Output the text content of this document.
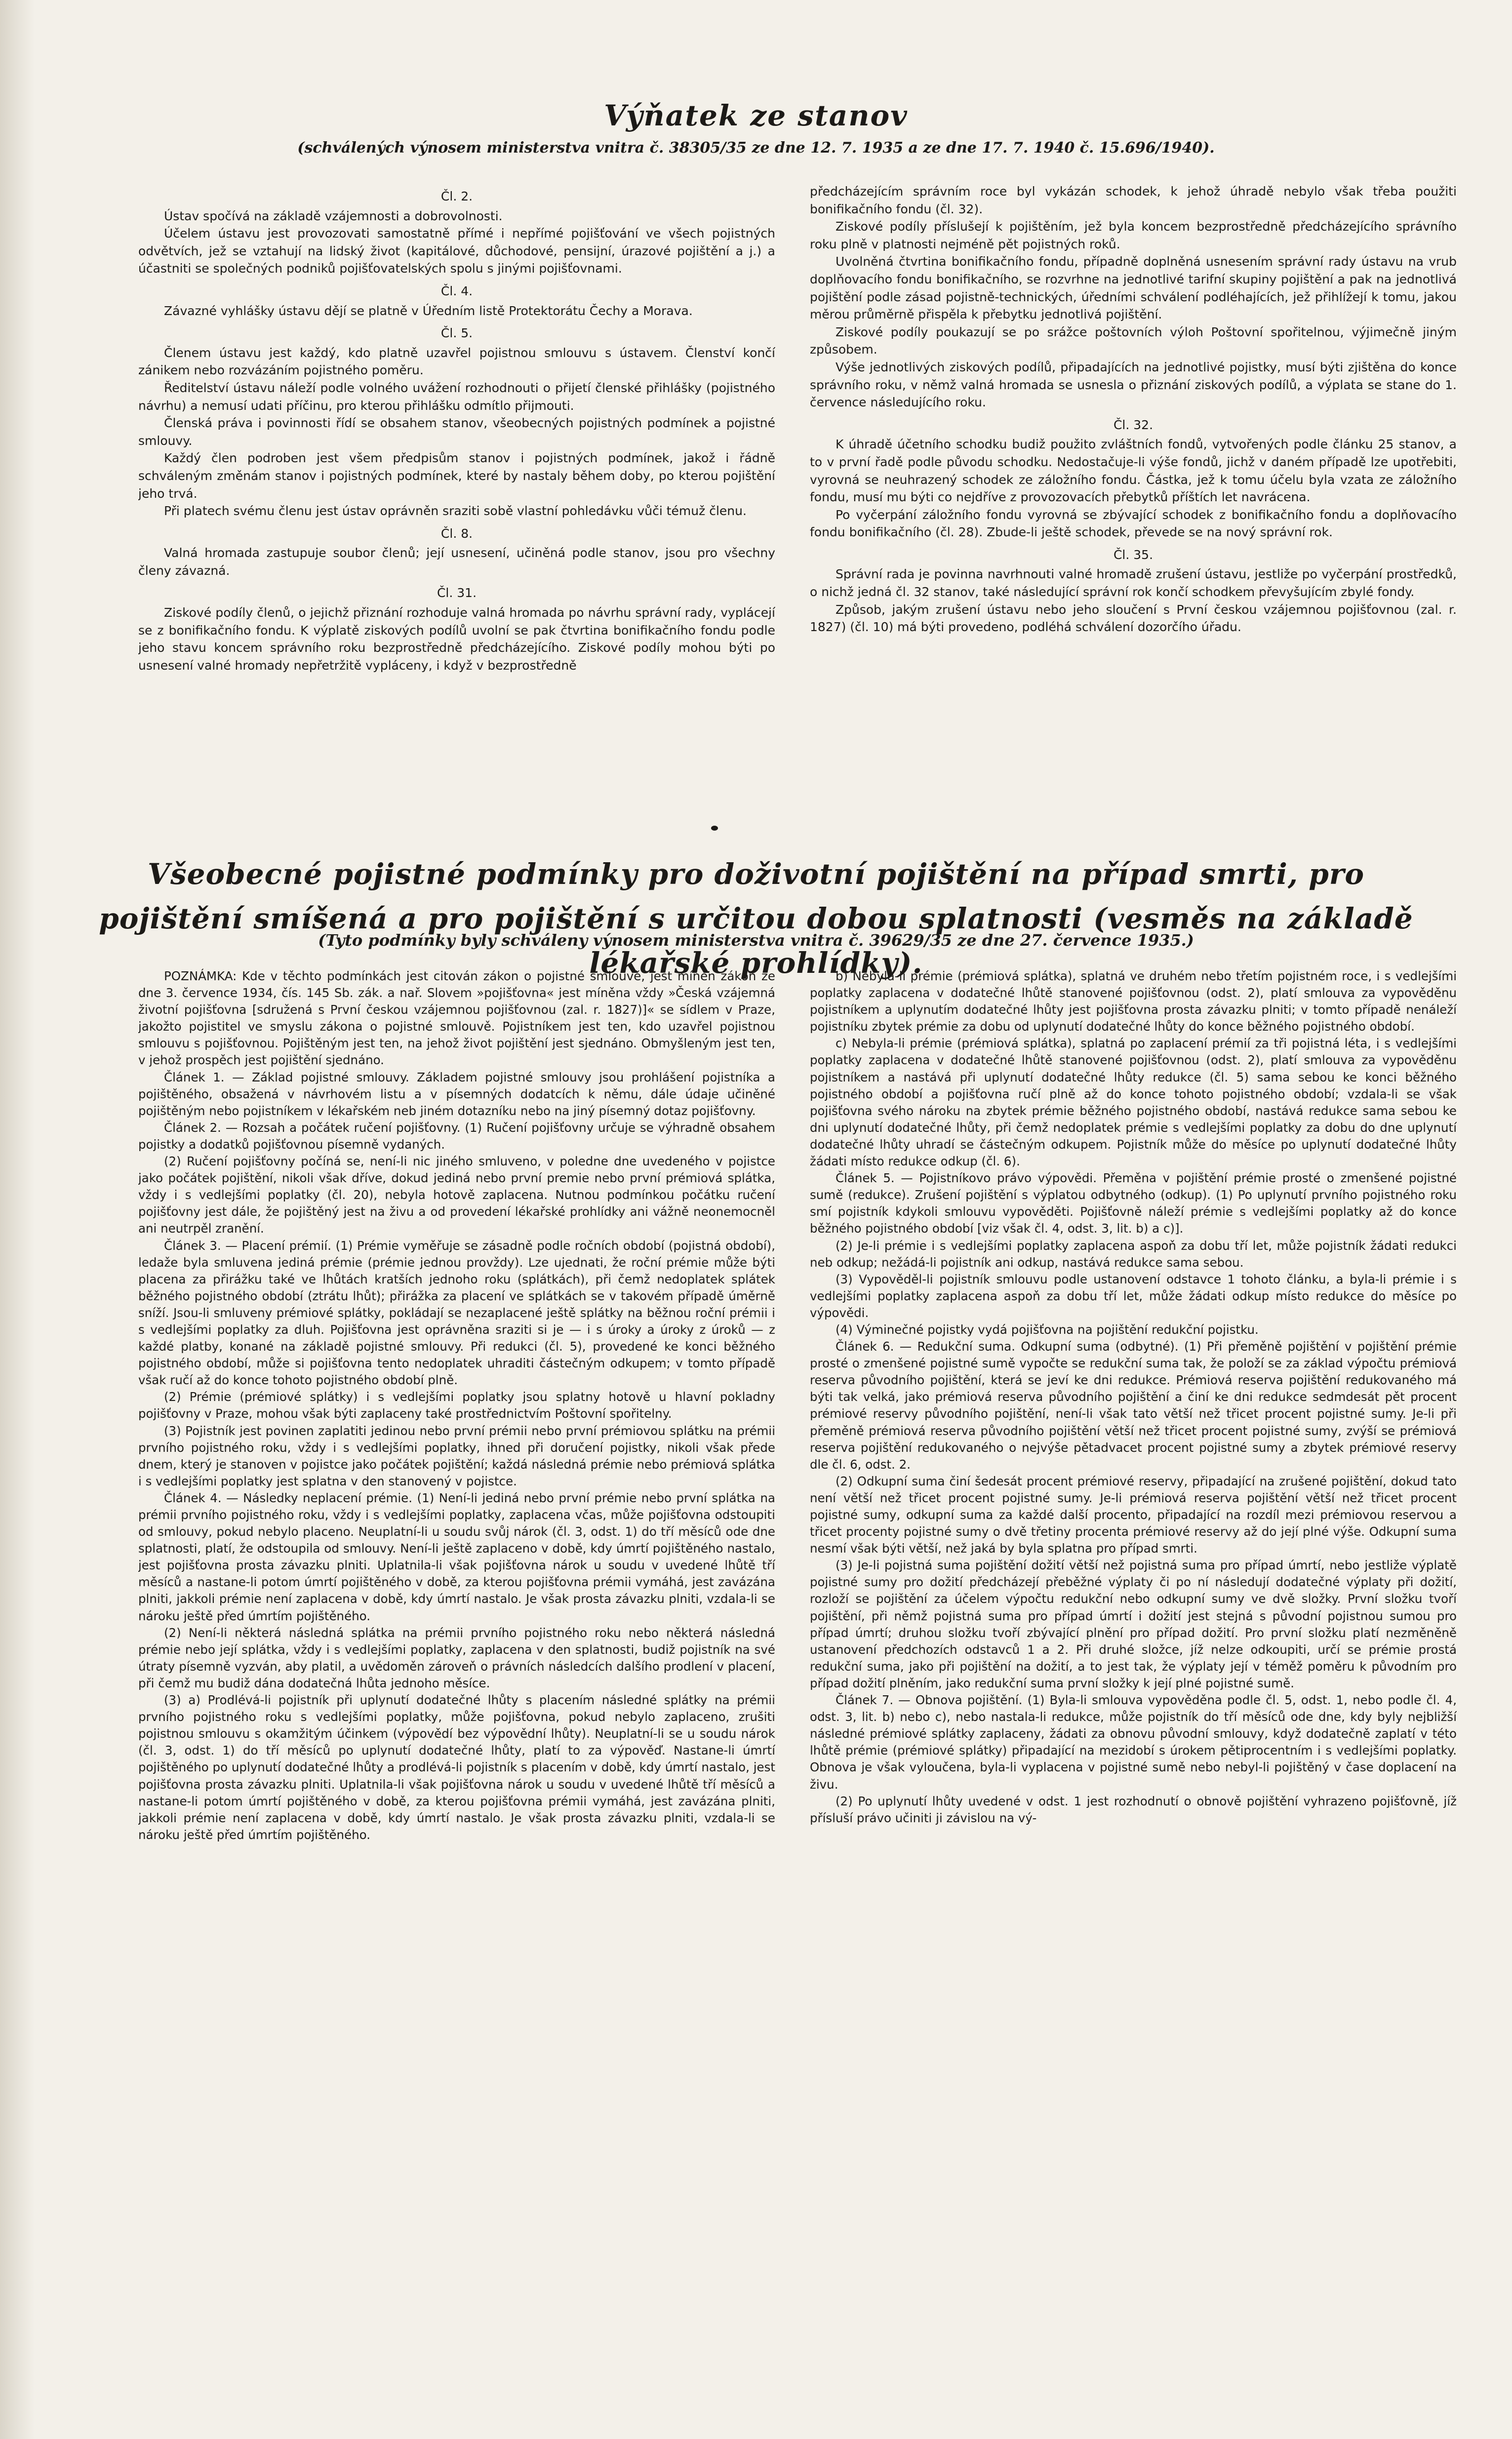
Výňatek ze stanov
(schválených výnosem ministerstva vnitra č. 38305/35 ze dne 12. 7. 1935 a ze dne 17. 7. 1940 č. 15.696/1940).

Čl. 2.

Ústav spočívá na základě vzájemnosti a dobrovolnosti.

Účelem ústavu jest provozovati samostatně přímé i nepřímé pojišťování ve všech pojistných odvětvích, jež se vztahují na lidský život (kapitálové, důchodové, pensijní, úrazové pojištění a j.) a účastniti se společných podniků pojišťovatelských spolu s jinými pojišťovnami.

Čl. 4.

Závazné vyhlášky ústavu dějí se platně v Úředním listě Protektorátu Čechy a Morava.

Čl. 5.

Členem ústavu jest každý, kdo platně uzavřel pojistnou smlouvu s ústavem. Členství končí zánikem nebo rozvázáním pojistného poměru.

Ředitelství ústavu náleží podle volného uvážení rozhodnouti o přijetí členské přihlášky (pojistného návrhu) a nemusí udati příčinu, pro kterou přihlášku odmítlo přijmouti.

Členská práva i povinnosti řídí se obsahem stanov, všeobecných pojistných podmínek a pojistné smlouvy.

Každý člen podroben jest všem předpisům stanov i pojistných podmínek, jakož i řádně schváleným změnám stanov i pojistných podmínek, které by nastaly během doby, po kterou pojištění jeho trvá.

Při platech svému členu jest ústav oprávněn sraziti sobě vlastní pohledávku vůči témuž členu.

Čl. 8.

Valná hromada zastupuje soubor členů; její usnesení, učiněná podle stanov, jsou pro všechny členy závazná.

Čl. 31.

Ziskové podíly členů, o jejichž přiznání rozhoduje valná hromada po návrhu správní rady, vyplácejí se z bonifikačního fondu. K výplatě ziskových podílů uvolní se pak čtvrtina bonifikačního fondu podle jeho stavu koncem správního roku bezprostředně předcházejícího. Ziskové podíly mohou býti po usnesení valné hromady nepřetržitě vypláceny, i když v bezprostředně

předcházejícím správním roce byl vykázán schodek, k jehož úhradě nebylo však třeba použiti bonifikačního fondu (čl. 32).

Ziskové podíly příslušejí k pojištěním, jež byla koncem bezprostředně předcházejícího správního roku plně v platnosti nejméně pět pojistných roků.

Uvolněná čtvrtina bonifikačního fondu, případně doplněná usnesením správní rady ústavu na vrub doplňovacího fondu bonifikačního, se rozvrhne na jednotlivé tarifní skupiny pojištění a pak na jednotlivá pojištění podle zásad pojistně-technických, úředními schválení podléhajících, jež přihlížejí k tomu, jakou měrou průměrně přispěla k přebytku jednotlivá pojištění.

Ziskové podíly poukazují se po srážce poštovních výloh Poštovní spořitelnou, výjimečně jiným způsobem.

Výše jednotlivých ziskových podílů, připadajících na jednotlivé pojistky, musí býti zjištěna do konce správního roku, v němž valná hromada se usnesla o přiznání ziskových podílů, a výplata se stane do 1. července následujícího roku.

Čl. 32.

K úhradě účetního schodku budiž použito zvláštních fondů, vytvořených podle článku 25 stanov, a to v první řadě podle původu schodku. Nedostačuje-li výše fondů, jichž v daném případě lze upotřebiti, vyrovná se neuhrazený schodek ze záložního fondu. Částka, jež k tomu účelu byla vzata ze záložního fondu, musí mu býti co nejdříve z provozovacích přebytků příštích let navrácena.

Po vyčerpání záložního fondu vyrovná se zbývající schodek z bonifikačního fondu a doplňovacího fondu bonifikačního (čl. 28). Zbude-li ještě schodek, převede se na nový správní rok.

Čl. 35.

Správní rada je povinna navrhnouti valné hromadě zrušení ústavu, jestliže po vyčerpání prostředků, o nichž jedná čl. 32 stanov, také následující správní rok končí schodkem převyšujícím zbylé fondy.

Způsob, jakým zrušení ústavu nebo jeho sloučení s První českou vzájemnou pojišťovnou (zal. r. 1827) (čl. 10) má býti provedeno, podléhá schválení dozorčího úřadu.

Všeobecné pojistné podmínky pro doživotní pojištění na případ smrti, pro pojištění smíšená a pro pojištění s určitou dobou splatnosti (vesměs na základě lékařské prohlídky).
(Tyto podmínky byly schváleny výnosem ministerstva vnitra č. 39629/35 ze dne 27. července 1935.)

POZNÁMKA: Kde v těchto podmínkách jest citován zákon o pojistné smlouvě, jest míněn zákon ze dne 3. července 1934, čís. 145 Sb. zák. a nař. Slovem »pojišťovna« jest míněna vždy »Česká vzájemná životní pojišťovna [sdružená s První českou vzájemnou pojišťovnou (zal. r. 1827)]« se sídlem v Praze, jakožto pojistitel ve smyslu zákona o pojistné smlouvě. Pojistníkem jest ten, kdo uzavřel pojistnou smlouvu s pojišťovnou. Pojištěným jest ten, na jehož život pojištění jest sjednáno. Obmyšleným jest ten, v jehož prospěch jest pojištění sjednáno.

Článek 1. — Základ pojistné smlouvy. Základem pojistné smlouvy jsou prohlášení pojistníka a pojištěného, obsažená v návrhovém listu a v písemných dodatcích k němu, dále údaje učiněné pojištěným nebo pojistníkem v lékařském neb jiném dotazníku nebo na jiný písemný dotaz pojišťovny.

Článek 2. — Rozsah a počátek ručení pojišťovny. (1) Ručení pojišťovny určuje se výhradně obsahem pojistky a dodatků pojišťovnou písemně vydaných.

(2) Ručení pojišťovny počíná se, není-li nic jiného smluveno, v poledne dne uvedeného v pojistce jako počátek pojištění, nikoli však dříve, dokud jediná nebo první premie nebo první prémiová splátka, vždy i s vedlejšími poplatky (čl. 20), nebyla hotově zaplacena. Nutnou podmínkou počátku ručení pojišťovny jest dále, že pojištěný jest na živu a od provedení lékařské prohlídky ani vážně neonemocněl ani neutrpěl zranění.

Článek 3. — Placení prémií. (1) Prémie vyměřuje se zásadně podle ročních období (pojistná období), ledaže byla smluvena jediná prémie (prémie jednou provždy). Lze ujednati, že roční prémie může býti placena za přirážku také ve lhůtách kratších jednoho roku (splátkách), při čemž nedoplatek splátek běžného pojistného období (ztrátu lhůt); přirážka za placení ve splátkách se v takovém případě úměrně sníží. Jsou-li smluveny prémiové splátky, pokládají se nezaplacené ještě splátky na běžnou roční prémii i s vedlejšími poplatky za dluh. Pojišťovna jest oprávněna sraziti si je — i s úroky a úroky z úroků — z každé platby, konané na základě pojistné smlouvy. Při redukci (čl. 5), provedené ke konci běžného pojistného období, může si pojišťovna tento nedoplatek uhraditi částečným odkupem; v tomto případě však ručí až do konce tohoto pojistného období plně.

(2) Prémie (prémiové splátky) i s vedlejšími poplatky jsou splatny hotově u hlavní pokladny pojišťovny v Praze, mohou však býti zaplaceny také prostřednictvím Poštovní spořitelny.

(3) Pojistník jest povinen zaplatiti jedinou nebo první prémii nebo první prémiovou splátku na prémii prvního pojistného roku, vždy i s vedlejšími poplatky, ihned při doručení pojistky, nikoli však přede dnem, který je stanoven v pojistce jako počátek pojištění; každá následná prémie nebo prémiová splátka i s vedlejšími poplatky jest splatna v den stanovený v pojistce.

Článek 4. — Následky neplacení prémie. (1) Není-li jediná nebo první prémie nebo první splátka na prémii prvního pojistného roku, vždy i s vedlejšími poplatky, zaplacena včas, může pojišťovna odstoupiti od smlouvy, pokud nebylo placeno. Neuplatní-li u soudu svůj nárok (čl. 3, odst. 1) do tří měsíců ode dne splatnosti, platí, že odstoupila od smlouvy. Není-li ještě zaplaceno v době, kdy úmrtí pojištěného nastalo, jest pojišťovna prosta závazku plniti. Uplatnila-li však pojišťovna nárok u soudu v uvedené lhůtě tří měsíců a nastane-li potom úmrtí pojištěného v době, za kterou pojišťovna prémii vymáhá, jest zavázána plniti, jakkoli prémie není zaplacena v době, kdy úmrtí nastalo. Je však prosta závazku plniti, vzdala-li se nároku ještě před úmrtím pojištěného.

(2) Není-li některá následná splátka na prémii prvního pojistného roku nebo některá následná prémie nebo její splátka, vždy i s vedlejšími poplatky, zaplacena v den splatnosti, budiž pojistník na své útraty písemně vyzván, aby platil, a uvědoměn zároveň o právních následcích dalšího prodlení v placení, při čemž mu budiž dána dodatečná lhůta jednoho měsíce.

(3) a) Prodlévá-li pojistník při uplynutí dodatečné lhůty s placením následné splátky na prémii prvního pojistného roku s vedlejšími poplatky, může pojišťovna, pokud nebylo zaplaceno, zrušiti pojistnou smlouvu s okamžitým účinkem (výpovědí bez výpovědní lhůty). Neuplatní-li se u soudu nárok (čl. 3, odst. 1) do tří měsíců po uplynutí dodatečné lhůty, platí to za výpověď. Nastane-li úmrtí pojištěného po uplynutí dodatečné lhůty a prodlévá-li pojistník s placením v době, kdy úmrtí nastalo, jest pojišťovna prosta závazku plniti. Uplatnila-li však pojišťovna nárok u soudu v uvedené lhůtě tří měsíců a nastane-li potom úmrtí pojištěného v době, za kterou pojišťovna prémii vymáhá, jest zavázána plniti, jakkoli prémie není zaplacena v době, kdy úmrtí nastalo. Je však prosta závazku plniti, vzdala-li se nároku ještě před úmrtím pojištěného.

b) Nebyla-li prémie (prémiová splátka), splatná ve druhém nebo třetím pojistném roce, i s vedlejšími poplatky zaplacena v dodatečné lhůtě stanovené pojišťovnou (odst. 2), platí smlouva za vypověděnu pojistníkem a uplynutím dodatečné lhůty jest pojišťovna prosta závazku plniti; v tomto případě nenáleží pojistníku zbytek prémie za dobu od uplynutí dodatečné lhůty do konce běžného pojistného období.

c) Nebyla-li prémie (prémiová splátka), splatná po zaplacení prémií za tři pojistná léta, i s vedlejšími poplatky zaplacena v dodatečné lhůtě stanovené pojišťovnou (odst. 2), platí smlouva za vypověděnu pojistníkem a nastává při uplynutí dodatečné lhůty redukce (čl. 5) sama sebou ke konci běžného pojistného období a pojišťovna ručí plně až do konce tohoto pojistného období; vzdala-li se však pojišťovna svého nároku na zbytek prémie běžného pojistného období, nastává redukce sama sebou ke dni uplynutí dodatečné lhůty, při čemž nedoplatek prémie s vedlejšími poplatky za dobu do dne uplynutí dodatečné lhůty uhradí se částečným odkupem. Pojistník může do měsíce po uplynutí dodatečné lhůty žádati místo redukce odkup (čl. 6).

Článek 5. — Pojistníkovo právo výpovědi. Přeměna v pojištění prémie prosté o zmenšené pojistné sumě (redukce). Zrušení pojištění s výplatou odbytného (odkup). (1) Po uplynutí prvního pojistného roku smí pojistník kdykoli smlouvu vypověděti. Pojišťovně náleží prémie s vedlejšími poplatky až do konce běžného pojistného období [viz však čl. 4, odst. 3, lit. b) a c)].

(2) Je-li prémie i s vedlejšími poplatky zaplacena aspoň za dobu tří let, může pojistník žádati redukci neb odkup; nežádá-li pojistník ani odkup, nastává redukce sama sebou.

(3) Vypověděl-li pojistník smlouvu podle ustanovení odstavce 1 tohoto článku, a byla-li prémie i s vedlejšími poplatky zaplacena aspoň za dobu tří let, může žádati odkup místo redukce do měsíce po výpovědi.

(4) Výminečné pojistky vydá pojišťovna na pojištění redukční pojistku.

Článek 6. — Redukční suma. Odkupní suma (odbytné). (1) Při přeměně pojištění v pojištění prémie prosté o zmenšené pojistné sumě vypočte se redukční suma tak, že položí se za základ výpočtu prémiová reserva původního pojištění, která se jeví ke dni redukce. Prémiová reserva pojištění redukovaného má býti tak velká, jako prémiová reserva původního pojištění a činí ke dni redukce sedmdesát pět procent prémiové reservy původního pojištění, není-li však tato větší než třicet procent pojistné sumy. Je-li při přeměně prémiová reserva původního pojištění větší než třicet procent pojistné sumy, zvýší se prémiová reserva pojištění redukovaného o nejvýše pětadvacet procent pojistné sumy a zbytek prémiové reservy dle čl. 6, odst. 2.

(2) Odkupní suma činí šedesát procent prémiové reservy, připadající na zrušené pojištění, dokud tato není větší než třicet procent pojistné sumy. Je-li prémiová reserva pojištění větší než třicet procent pojistné sumy, odkupní suma za každé další procento, připadající na rozdíl mezi prémiovou reservou a třicet procenty pojistné sumy o dvě třetiny procenta prémiové reservy až do její plné výše. Odkupní suma nesmí však býti větší, než jaká by byla splatna pro případ smrti.

(3) Je-li pojistná suma pojištění dožití větší než pojistná suma pro případ úmrtí, nebo jestliže výplatě pojistné sumy pro dožití předcházejí přeběžné výplaty či po ní následují dodatečné výplaty při dožití, rozloží se pojištění za účelem výpočtu redukční nebo odkupní sumy ve dvě složky. První složku tvoří pojištění, při němž pojistná suma pro případ úmrtí i dožití jest stejná s původní pojistnou sumou pro případ úmrtí; druhou složku tvoří zbývající plnění pro případ dožití. Pro první složku platí nezměněně ustanovení předchozích odstavců 1 a 2. Při druhé složce, jíž nelze odkoupiti, určí se prémie prostá redukční suma, jako při pojištění na dožití, a to jest tak, že výplaty její v téměž poměru k původním pro případ dožití plněním, jako redukční suma první složky k její plné pojistné sumě.

Článek 7. — Obnova pojištění. (1) Byla-li smlouva vypověděna podle čl. 5, odst. 1, nebo podle čl. 4, odst. 3, lit. b) nebo c), nebo nastala-li redukce, může pojistník do tří měsíců ode dne, kdy byly nejbližší následné prémiové splátky zaplaceny, žádati za obnovu původní smlouvy, když dodatečně zaplatí v této lhůtě prémie (prémiové splátky) připadající na mezidobí s úrokem pětiprocentním i s vedlejšími poplatky. Obnova je však vyloučena, byla-li vyplacena v pojistné sumě nebo nebyl-li pojištěný v čase doplacení na živu.

(2) Po uplynutí lhůty uvedené v odst. 1 jest rozhodnutí o obnově pojištění vyhrazeno pojišťovně, jíž přísluší právo učiniti ji závislou na vý-
